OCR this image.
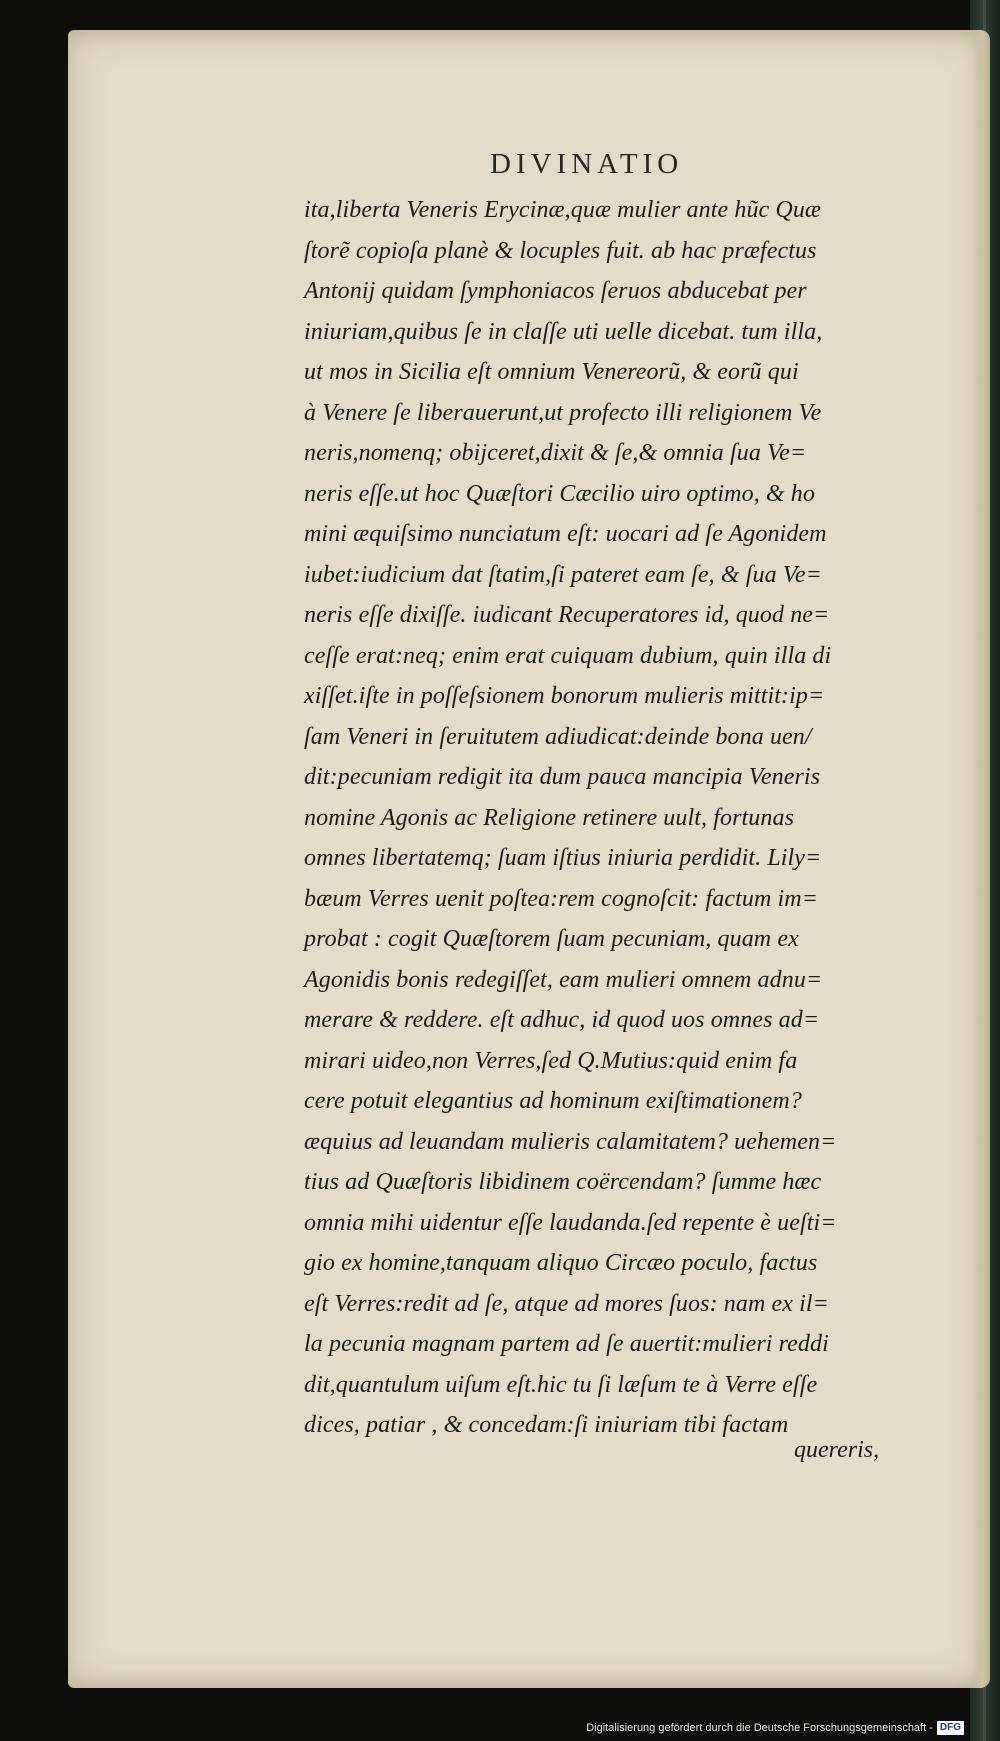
DIVINATIO
ita,liberta Veneris Erycinæ,quæ mulier ante hũc Quæ
ſtorẽ copioſa planè & locuples fuit. ab hac præfectus
Antonij quidam ſymphoniacos ſeruos abducebat per
iniuriam,quibus ſe in claſſe uti uelle dicebat. tum illa,
ut mos in Sicilia eſt omnium Venereorũ, & eorũ qui
à Venere ſe liberauerunt,ut profecto illi religionem Ve
neris,nomenq; obijceret,dixit & ſe,& omnia ſua Ve=
neris eſſe.ut hoc Quæſtori Cæcilio uiro optimo, & ho
mini æquiſsimo nunciatum eſt: uocari ad ſe Agonidem
iubet:iudicium dat ſtatim,ſi pateret eam ſe, & ſua Ve=
neris eſſe dixiſſe. iudicant Recuperatores id, quod ne=
ceſſe erat:neq; enim erat cuiquam dubium, quin illa di
xiſſet.iſte in poſſeſsionem bonorum mulieris mittit:ip=
ſam Veneri in ſeruitutem adiudicat:deinde bona uen/
dit:pecuniam redigit ita dum pauca mancipia Veneris
nomine Agonis ac Religione retinere uult, fortunas
omnes libertatemq; ſuam iſtius iniuria perdidit. Lily=
bæum Verres uenit poſtea:rem cognoſcit: factum im=
probat : cogit Quæſtorem ſuam pecuniam, quam ex
Agonidis bonis redegiſſet, eam mulieri omnem adnu=
merare & reddere. eſt adhuc, id quod uos omnes ad=
mirari uideo,non Verres,ſed Q.Mutius:quid enim fa
cere potuit elegantius ad hominum exiſtimationem?
æquius ad leuandam mulieris calamitatem? uehemen=
tius ad Quæſtoris libidinem coërcendam? ſumme hæc
omnia mihi uidentur eſſe laudanda.ſed repente è ueſti=
gio ex homine,tanquam aliquo Circæo poculo, factus
eſt Verres:redit ad ſe, atque ad mores ſuos: nam ex il=
la pecunia magnam partem ad ſe auertit:mulieri reddi
dit,quantulum uiſum eſt.hic tu ſi læſum te à Verre eſſe
dices, patiar , & concedam:ſi iniuriam tibi factam
quereris,
Digitalisierung gefördert durch die Deutsche Forschungsgemeinschaft - DFG
